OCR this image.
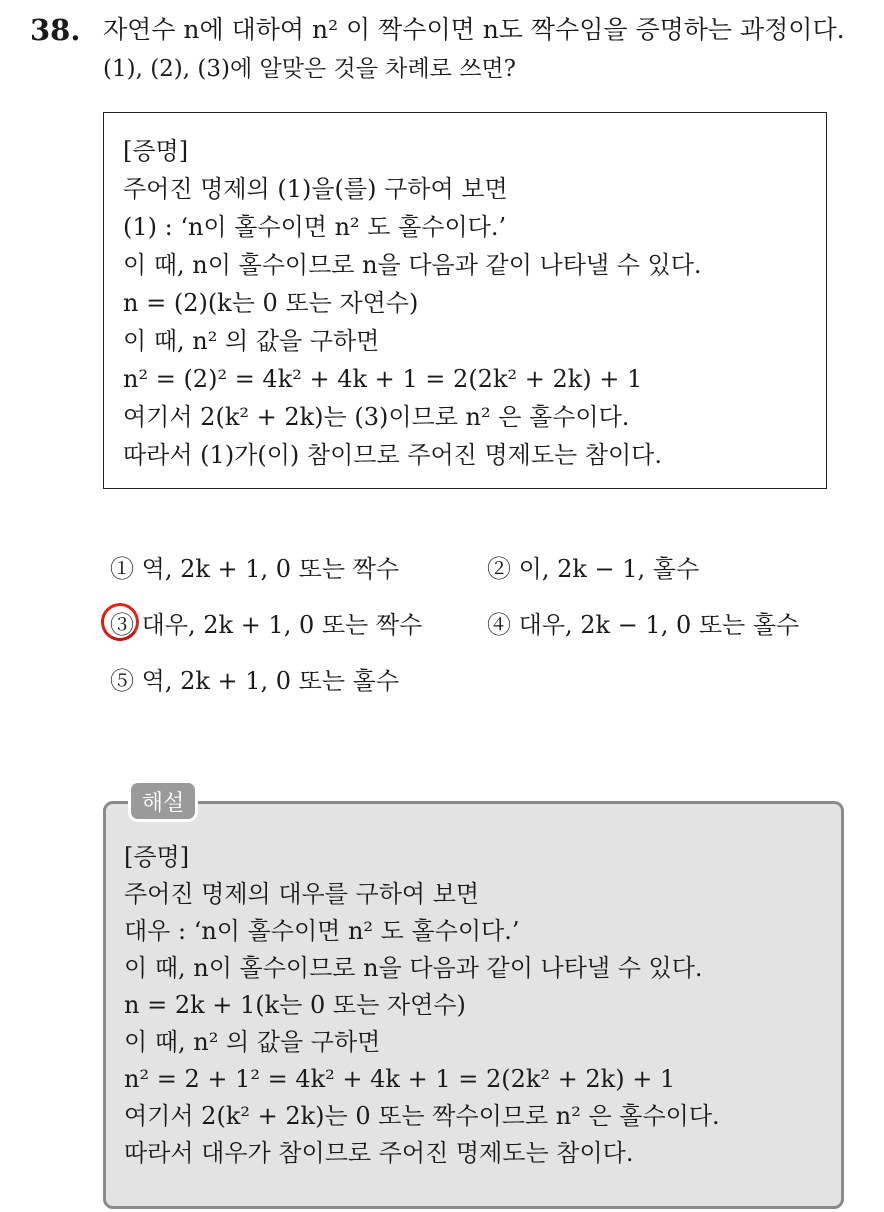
38. 자연수 n에 대하여 n² 이 짝수이면 n도 짝수임을 증명하는 과정이다.
(1), (2), (3)에 알맞은 것을 차례로 쓰면?
[증명]
주어진 명제의 (1)을(를) 구하여 보면
(1) : ‘n이 홀수이면 n² 도 홀수이다.’
이 때, n이 홀수이므로 n을 다음과 같이 나타낼 수 있다.
n = (2)(k는 0 또는 자연수)
이 때, n² 의 값을 구하면
n² = (2)² = 4k² + 4k + 1 = 2(2k² + 2k) + 1
여기서 2(k² + 2k)는 (3)이므로 n² 은 홀수이다.
따라서 (1)가(이) 참이므로 주어진 명제도는 참이다.
① 역, 2k + 1, 0 또는 짝수	② 이, 2k − 1, 홀수
③ 대우, 2k + 1, 0 또는 짝수	④ 대우, 2k − 1, 0 또는 홀수
⑤ 역, 2k + 1, 0 또는 홀수
해설
[증명]
주어진 명제의 대우를 구하여 보면
대우 : ‘n이 홀수이면 n² 도 홀수이다.’
이 때, n이 홀수이므로 n을 다음과 같이 나타낼 수 있다.
n = 2k + 1(k는 0 또는 자연수)
이 때, n² 의 값을 구하면
n² = 2 + 1² = 4k² + 4k + 1 = 2(2k² + 2k) + 1
여기서 2(k² + 2k)는 0 또는 짝수이므로 n² 은 홀수이다.
따라서 대우가 참이므로 주어진 명제도는 참이다.
